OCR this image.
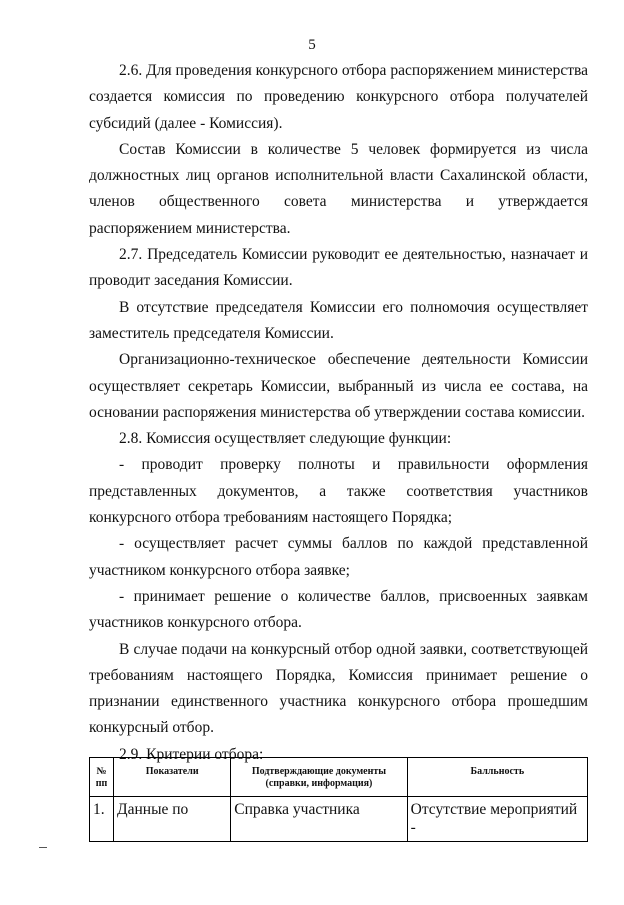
5

2.6. Для проведения конкурсного отбора распоряжением министерства создается комиссия по проведению конкурсного отбора получателей субсидий (далее - Комиссия).

Состав Комиссии в количестве 5 человек формируется из числа должностных лиц органов исполнительной власти Сахалинской области, членов общественного совета министерства и утверждается распоряжением министерства.

2.7. Председатель Комиссии руководит ее деятельностью, назначает и проводит заседания Комиссии.

В отсутствие председателя Комиссии его полномочия осуществляет заместитель председателя Комиссии.

Организационно-техническое обеспечение деятельности Комиссии осуществляет секретарь Комиссии, выбранный из числа ее состава, на основании распоряжения министерства об утверждении состава комиссии.

2.8. Комиссия осуществляет следующие функции:

- проводит проверку полноты и правильности оформления представленных документов, а также соответствия участников конкурсного отбора требованиям настоящего Порядка;

- осуществляет расчет суммы баллов по каждой представленной участником конкурсного отбора заявке;

- принимает решение о количестве баллов, присвоенных заявкам участников конкурсного отбора.

В случае подачи на конкурсный отбор одной заявки, соответствующей требованиям настоящего Порядка, Комиссия принимает решение о признании единственного участника конкурсного отбора прошедшим конкурсный отбор.

2.9. Критерии отбора:

№ пп	Показатели	Подтверждающие документы (справки, информация)	Балльность
1.	Данные по	Справка участника	Отсутствие мероприятий -
